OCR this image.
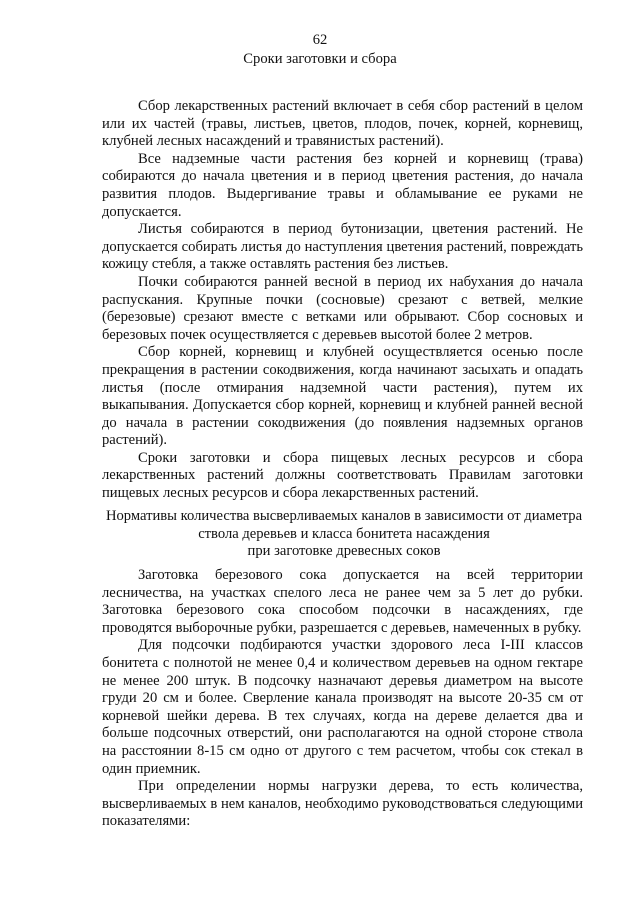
62
Сроки заготовки и сбора

Сбор лекарственных растений включает в себя сбор растений в целом или их частей (травы, листьев, цветов, плодов, почек, корней, корневищ, клубней лесных насаждений и травянистых растений).

Все надземные части растения без корней и корневищ (трава) собираются до начала цветения и в период цветения растения, до начала развития плодов. Выдергивание травы и обламывание ее руками не допускается.

Листья собираются в период бутонизации, цветения растений. Не допускается собирать листья до наступления цветения растений, повреждать кожицу стебля, а также оставлять растения без листьев.

Почки собираются ранней весной в период их набухания до начала распускания. Крупные почки (сосновые) срезают с ветвей, мелкие (березовые) срезают вместе с ветками или обрывают. Сбор сосновых и березовых почек осуществляется с деревьев высотой более 2 метров.

Сбор корней, корневищ и клубней осуществляется осенью после прекращения в растении сокодвижения, когда начинают засыхать и опадать листья (после отмирания надземной части растения), путем их выкапывания. Допускается сбор корней, корневищ и клубней ранней весной до начала в растении сокодвижения (до появления надземных органов растений).

Сроки заготовки и сбора пищевых лесных ресурсов и сбора лекарственных растений должны соответствовать Правилам заготовки пищевых лесных ресурсов и сбора лекарственных растений.

Нормативы количества высверливаемых каналов в зависимости от диаметра
ствола деревьев и класса бонитета насаждения
при заготовке древесных соков

Заготовка березового сока допускается на всей территории лесничества, на участках спелого леса не ранее чем за 5 лет до рубки. Заготовка березового сока способом подсочки в насаждениях, где проводятся выборочные рубки, разрешается с деревьев, намеченных в рубку.

Для подсочки подбираются участки здорового леса I-III классов бонитета с полнотой не менее 0,4 и количеством деревьев на одном гектаре не менее 200 штук. В подсочку назначают деревья диаметром на высоте груди 20 см и более. Сверление канала производят на высоте 20-35 см от корневой шейки дерева. В тех случаях, когда на дереве делается два и больше подсочных отверстий, они располагаются на одной стороне ствола на расстоянии 8-15 см одно от другого с тем расчетом, чтобы сок стекал в один приемник.

При определении нормы нагрузки дерева, то есть количества, высверливаемых в нем каналов, необходимо руководствоваться следующими показателями:
